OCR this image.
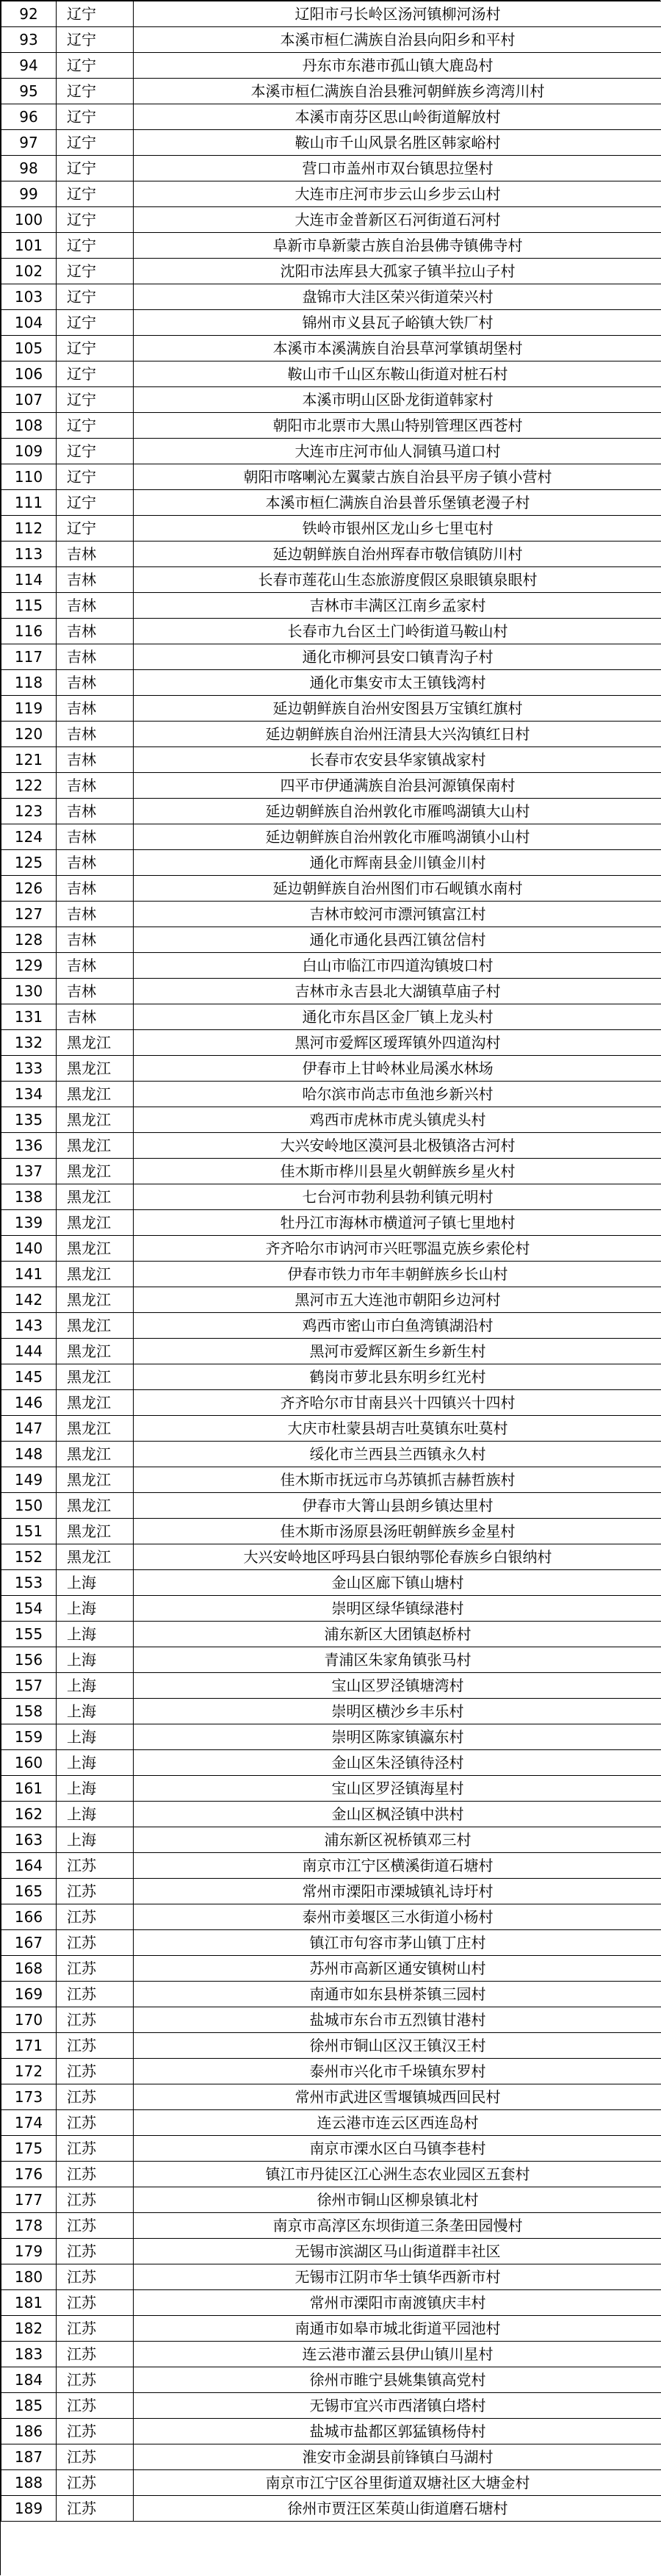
92	辽宁	辽阳市弓长岭区汤河镇柳河汤村
93	辽宁	本溪市桓仁满族自治县向阳乡和平村
94	辽宁	丹东市东港市孤山镇大鹿岛村
95	辽宁	本溪市桓仁满族自治县雅河朝鲜族乡湾湾川村
96	辽宁	本溪市南芬区思山岭街道解放村
97	辽宁	鞍山市千山风景名胜区韩家峪村
98	辽宁	营口市盖州市双台镇思拉堡村
99	辽宁	大连市庄河市步云山乡步云山村
100	辽宁	大连市金普新区石河街道石河村
101	辽宁	阜新市阜新蒙古族自治县佛寺镇佛寺村
102	辽宁	沈阳市法库县大孤家子镇半拉山子村
103	辽宁	盘锦市大洼区荣兴街道荣兴村
104	辽宁	锦州市义县瓦子峪镇大铁厂村
105	辽宁	本溪市本溪满族自治县草河掌镇胡堡村
106	辽宁	鞍山市千山区东鞍山街道对桩石村
107	辽宁	本溪市明山区卧龙街道韩家村
108	辽宁	朝阳市北票市大黑山特别管理区西苍村
109	辽宁	大连市庄河市仙人洞镇马道口村
110	辽宁	朝阳市喀喇沁左翼蒙古族自治县平房子镇小营村
111	辽宁	本溪市桓仁满族自治县普乐堡镇老漫子村
112	辽宁	铁岭市银州区龙山乡七里屯村
113	吉林	延边朝鲜族自治州珲春市敬信镇防川村
114	吉林	长春市莲花山生态旅游度假区泉眼镇泉眼村
115	吉林	吉林市丰满区江南乡孟家村
116	吉林	长春市九台区土门岭街道马鞍山村
117	吉林	通化市柳河县安口镇青沟子村
118	吉林	通化市集安市太王镇钱湾村
119	吉林	延边朝鲜族自治州安图县万宝镇红旗村
120	吉林	延边朝鲜族自治州汪清县大兴沟镇红日村
121	吉林	长春市农安县华家镇战家村
122	吉林	四平市伊通满族自治县河源镇保南村
123	吉林	延边朝鲜族自治州敦化市雁鸣湖镇大山村
124	吉林	延边朝鲜族自治州敦化市雁鸣湖镇小山村
125	吉林	通化市辉南县金川镇金川村
126	吉林	延边朝鲜族自治州图们市石岘镇水南村
127	吉林	吉林市蛟河市漂河镇富江村
128	吉林	通化市通化县西江镇岔信村
129	吉林	白山市临江市四道沟镇坡口村
130	吉林	吉林市永吉县北大湖镇草庙子村
131	吉林	通化市东昌区金厂镇上龙头村
132	黑龙江	黑河市爱辉区瑷珲镇外四道沟村
133	黑龙江	伊春市上甘岭林业局溪水林场
134	黑龙江	哈尔滨市尚志市鱼池乡新兴村
135	黑龙江	鸡西市虎林市虎头镇虎头村
136	黑龙江	大兴安岭地区漠河县北极镇洛古河村
137	黑龙江	佳木斯市桦川县星火朝鲜族乡星火村
138	黑龙江	七台河市勃利县勃利镇元明村
139	黑龙江	牡丹江市海林市横道河子镇七里地村
140	黑龙江	齐齐哈尔市讷河市兴旺鄂温克族乡索伦村
141	黑龙江	伊春市铁力市年丰朝鲜族乡长山村
142	黑龙江	黑河市五大连池市朝阳乡边河村
143	黑龙江	鸡西市密山市白鱼湾镇湖沿村
144	黑龙江	黑河市爱辉区新生乡新生村
145	黑龙江	鹤岗市萝北县东明乡红光村
146	黑龙江	齐齐哈尔市甘南县兴十四镇兴十四村
147	黑龙江	大庆市杜蒙县胡吉吐莫镇东吐莫村
148	黑龙江	绥化市兰西县兰西镇永久村
149	黑龙江	佳木斯市抚远市乌苏镇抓吉赫哲族村
150	黑龙江	伊春市大箐山县朗乡镇达里村
151	黑龙江	佳木斯市汤原县汤旺朝鲜族乡金星村
152	黑龙江	大兴安岭地区呼玛县白银纳鄂伦春族乡白银纳村
153	上海	金山区廊下镇山塘村
154	上海	崇明区绿华镇绿港村
155	上海	浦东新区大团镇赵桥村
156	上海	青浦区朱家角镇张马村
157	上海	宝山区罗泾镇塘湾村
158	上海	崇明区横沙乡丰乐村
159	上海	崇明区陈家镇瀛东村
160	上海	金山区朱泾镇待泾村
161	上海	宝山区罗泾镇海星村
162	上海	金山区枫泾镇中洪村
163	上海	浦东新区祝桥镇邓三村
164	江苏	南京市江宁区横溪街道石塘村
165	江苏	常州市溧阳市溧城镇礼诗圩村
166	江苏	泰州市姜堰区三水街道小杨村
167	江苏	镇江市句容市茅山镇丁庄村
168	江苏	苏州市高新区通安镇树山村
169	江苏	南通市如东县栟茶镇三园村
170	江苏	盐城市东台市五烈镇甘港村
171	江苏	徐州市铜山区汉王镇汉王村
172	江苏	泰州市兴化市千垛镇东罗村
173	江苏	常州市武进区雪堰镇城西回民村
174	江苏	连云港市连云区西连岛村
175	江苏	南京市溧水区白马镇李巷村
176	江苏	镇江市丹徒区江心洲生态农业园区五套村
177	江苏	徐州市铜山区柳泉镇北村
178	江苏	南京市高淳区东坝街道三条垄田园慢村
179	江苏	无锡市滨湖区马山街道群丰社区
180	江苏	无锡市江阴市华士镇华西新市村
181	江苏	常州市溧阳市南渡镇庆丰村
182	江苏	南通市如皋市城北街道平园池村
183	江苏	连云港市灌云县伊山镇川星村
184	江苏	徐州市睢宁县姚集镇高党村
185	江苏	无锡市宜兴市西渚镇白塔村
186	江苏	盐城市盐都区郭猛镇杨侍村
187	江苏	淮安市金湖县前锋镇白马湖村
188	江苏	南京市江宁区谷里街道双塘社区大塘金村
189	江苏	徐州市贾汪区茱萸山街道磨石塘村
